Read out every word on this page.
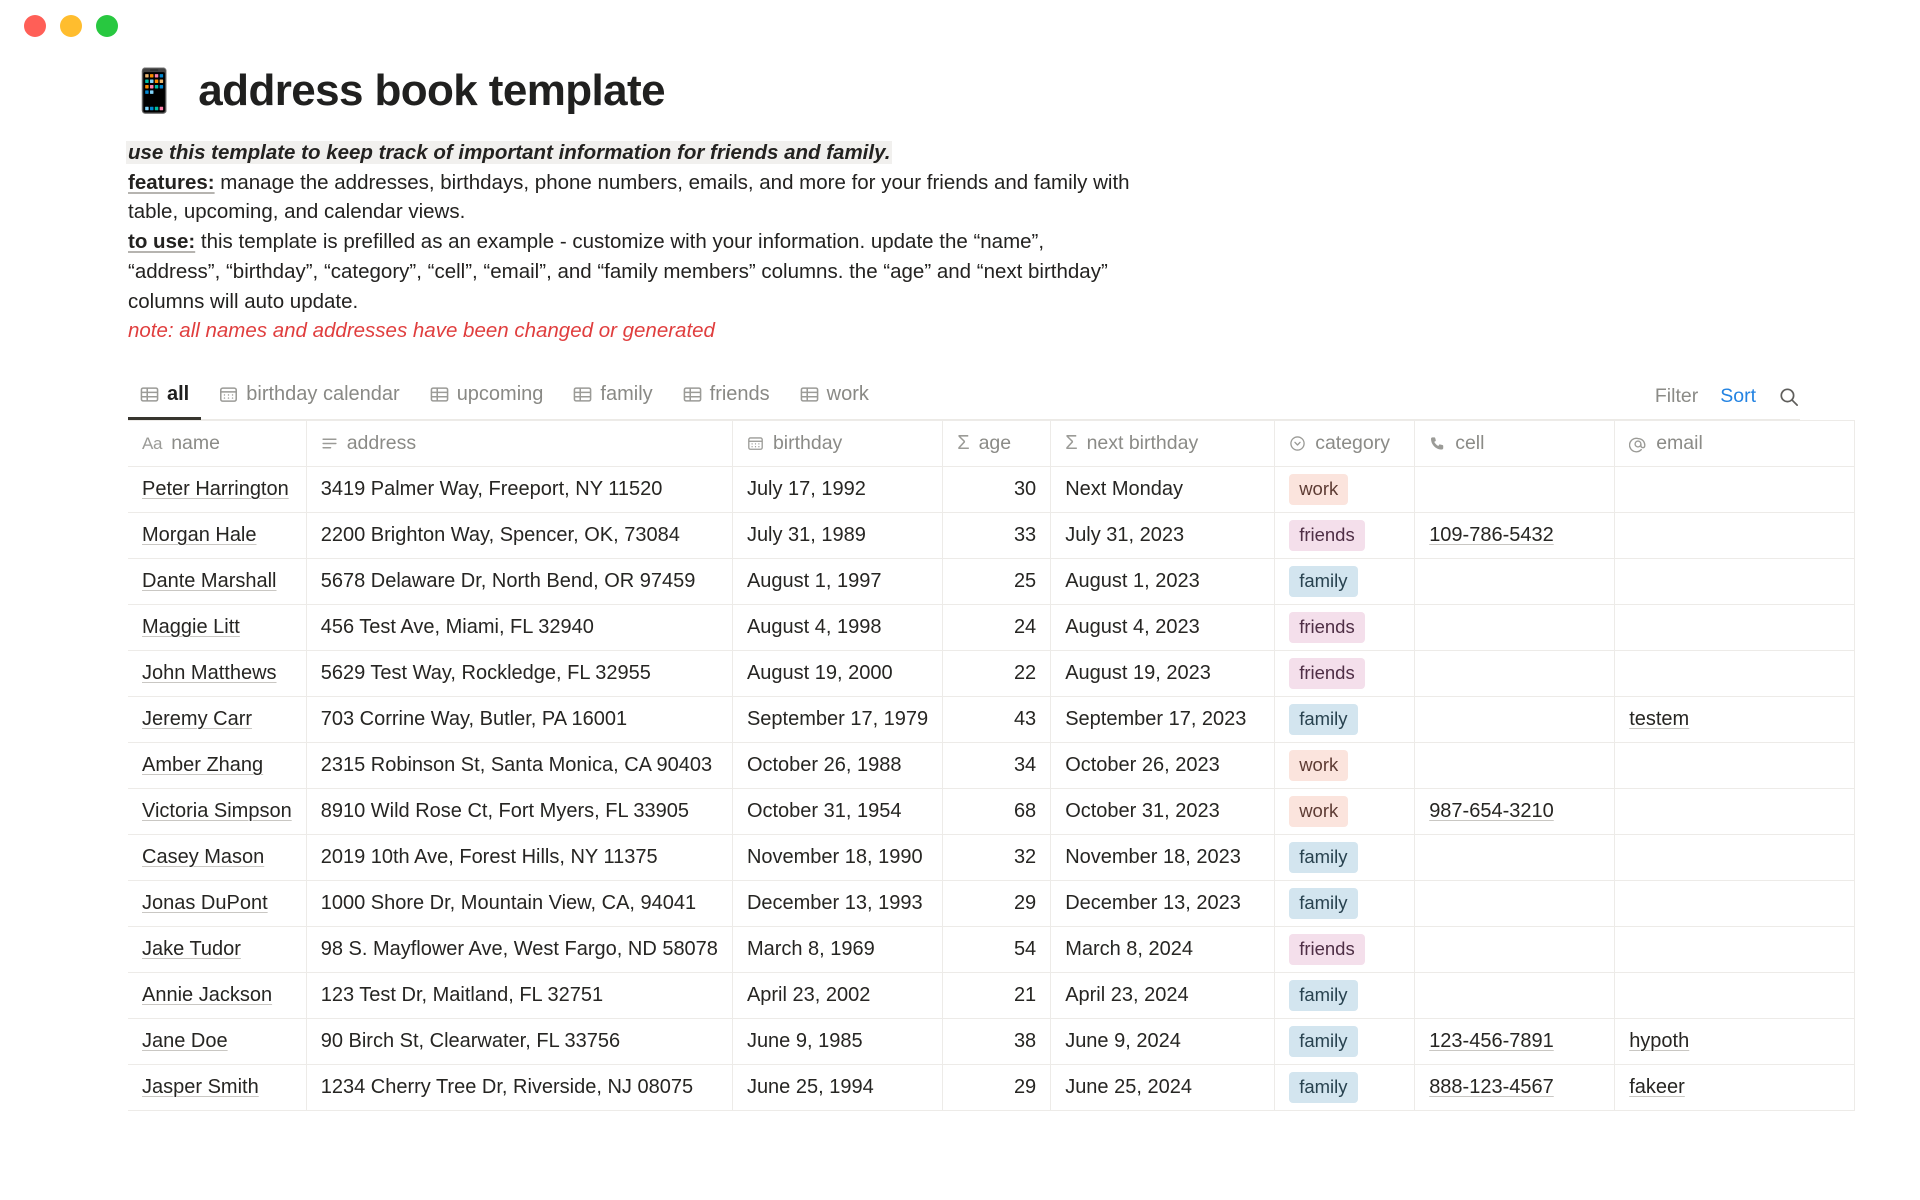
📱 address book template

use this template to keep track of important information for friends and family.

features: manage the addresses, birthdays, phone numbers, emails, and more for your friends and family with table, upcoming, and calendar views.

to use: this template is prefilled as an example - customize with your information. update the “name”, “address”, “birthday”, “category”, “cell”, “email”, and “family members” columns. the “age” and “next birthday” columns will auto update.

note: all names and addresses have been changed or generated

all	birthday calendar	upcoming	family	friends	work	Filter Sort
Aa name	address	birthday	Σ age	Σ next birthday	category	cell	email

Peter Harrington	3419 Palmer Way, Freeport, NY 11520	July 17, 1992	30	Next Monday	work		
Morgan Hale	2200 Brighton Way, Spencer, OK, 73084	July 31, 1989	33	July 31, 2023	friends	109-786-5432	
Dante Marshall	5678 Delaware Dr, North Bend, OR 97459	August 1, 1997	25	August 1, 2023	family		
Maggie Litt	456 Test Ave, Miami, FL 32940	August 4, 1998	24	August 4, 2023	friends		
John Matthews	5629 Test Way, Rockledge, FL 32955	August 19, 2000	22	August 19, 2023	friends		
Jeremy Carr	703 Corrine Way, Butler, PA 16001	September 17, 1979	43	September 17, 2023	family		testem
Amber Zhang	2315 Robinson St, Santa Monica, CA 90403	October 26, 1988	34	October 26, 2023	work		
Victoria Simpson	8910 Wild Rose Ct, Fort Myers, FL 33905	October 31, 1954	68	October 31, 2023	work	987-654-3210	
Casey Mason	2019 10th Ave, Forest Hills, NY 11375	November 18, 1990	32	November 18, 2023	family		
Jonas DuPont	1000 Shore Dr, Mountain View, CA, 94041	December 13, 1993	29	December 13, 2023	family		
Jake Tudor	98 S. Mayflower Ave, West Fargo, ND 58078	March 8, 1969	54	March 8, 2024	friends		
Annie Jackson	123 Test Dr, Maitland, FL 32751	April 23, 2002	21	April 23, 2024	family		
Jane Doe	90 Birch St, Clearwater, FL 33756	June 9, 1985	38	June 9, 2024	family	123-456-7891	hypoth
Jasper Smith	1234 Cherry Tree Dr, Riverside, NJ 08075	June 25, 1994	29	June 25, 2024	family	888-123-4567	fakeer
